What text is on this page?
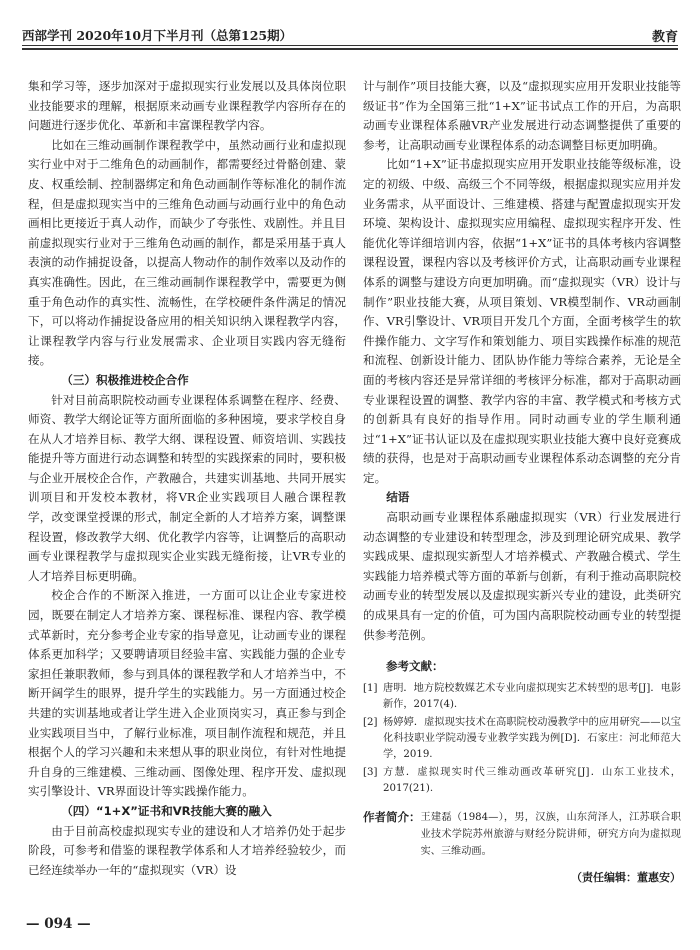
西部学刊 2020年10月下半月刊（总第125期）	教育

集和学习等，逐步加深对于虚拟现实行业发展以及具体岗位职业技能要求的理解，根据原来动画专业课程教学内容所存在的问题进行逐步优化、革新和丰富课程教学内容。

比如在三维动画制作课程教学中，虽然动画行业和虚拟现实行业中对于二维角色的动画制作，都需要经过骨骼创建、蒙皮、权重绘制、控制器绑定和角色动画制作等标准化的制作流程，但是虚拟现实当中的三维角色动画与动画行业中的角色动画相比更接近于真人动作，而缺少了夸张性、戏剧性。并且目前虚拟现实行业对于三维角色动画的制作，都是采用基于真人表演的动作捕捉设备，以提高人物动作的制作效率以及动作的真实准确性。因此，在三维动画制作课程教学中，需要更为侧重于角色动作的真实性、流畅性，在学校硬件条件满足的情况下，可以将动作捕捉设备应用的相关知识纳入课程教学内容，让课程教学内容与行业发展需求、企业项目实践内容无缝衔接。

（三）积极推进校企合作

针对目前高职院校动画专业课程体系调整在程序、经费、师资、教学大纲论证等方面所面临的多种困境，要求学校自身在从人才培养目标、教学大纲、课程设置、师资培训、实践技能提升等方面进行动态调整和转型的实践探索的同时，要积极与企业开展校企合作，产教融合，共建实训基地、共同开展实训项目和开发校本教材，将VR企业实践项目人融合课程教学，改变课堂授课的形式，制定全新的人才培养方案，调整课程设置，修改教学大纲、优化教学内容等，让调整后的高职动画专业课程教学与虚拟现实企业实践无缝衔接，让VR专业的人才培养目标更明确。

校企合作的不断深入推进，一方面可以让企业专家进校园，既要在制定人才培养方案、课程标准、课程内容、教学模式革新时，充分参考企业专家的指导意见，让动画专业的课程体系更加科学；又要聘请项目经验丰富、实践能力强的企业专家担任兼职教师，参与到具体的课程教学和人才培养当中，不断开阔学生的眼界，提升学生的实践能力。另一方面通过校企共建的实训基地或者让学生进入企业顶岗实习，真正参与到企业实践项目当中，了解行业标准，项目制作流程和规范，并且根据个人的学习兴趣和未来想从事的职业岗位，有针对性地提升自身的三维建模、三维动画、图像处理、程序开发、虚拟现实引擎设计、VR界面设计等实践操作能力。

（四）“1+X”证书和VR技能大赛的融入

由于目前高校虚拟现实专业的建设和人才培养仍处于起步阶段，可参考和借鉴的课程教学体系和人才培养经验较少，而已经连续举办一年的“虚拟现实（VR）设

计与制作”项目技能大赛，以及“虚拟现实应用开发职业技能等级证书”作为全国第三批“1+X”证书试点工作的开启，为高职动画专业课程体系融VR产业发展进行动态调整提供了重要的参考，让高职动画专业课程体系的动态调整目标更加明确。

比如“1+X”证书虚拟现实应用开发职业技能等级标准，设定的初级、中级、高级三个不同等级，根据虚拟现实应用并发业务需求，从平面设计、三维建模、搭建与配置虚拟现实开发环境、架构设计、虚拟现实应用编程、虚拟现实程序开发、性能优化等详细培训内容，依据“1+X”证书的具体考核内容调整课程设置，课程内容以及考核评价方式，让高职动画专业课程体系的调整与建设方向更加明确。而“虚拟现实（VR）设计与制作”职业技能大赛，从项目策划、VR模型制作、VR动画制作、VR引擎设计、VR项目开发几个方面，全面考核学生的软件操作能力、文字写作和策划能力、项目实践操作标准的规范和流程、创新设计能力、团队协作能力等综合素养，无论是全面的考核内容还是异常详细的考核评分标准，都对于高职动画专业课程设置的调整、教学内容的丰富、教学模式和考核方式的创新具有良好的指导作用。同时动画专业的学生顺利通过“1+X”证书认证以及在虚拟现实职业技能大赛中良好竞赛成绩的获得，也是对于高职动画专业课程体系动态调整的充分肯定。

结语

高职动画专业课程体系融虚拟现实（VR）行业发展进行动态调整的专业建设和转型理念，涉及到理论研究成果、教学实践成果、虚拟现实新型人才培养模式、产教融合模式、学生实践能力培养模式等方面的革新与创新，有利于推动高职院校动画专业的转型发展以及虚拟现实新兴专业的建设，此类研究的成果具有一定的价值，可为国内高职院校动画专业的转型提供参考范例。

参考文献：

[1] 唐明．地方院校数媒艺术专业向虚拟现实艺术转型的思考[J]．电影新作，2017(4).
[2] 杨婷婷．虚拟现实技术在高职院校动漫教学中的应用研究——以宝化科技职业学院动漫专业教学实践为例[D]．石家庄：河北师范大学，2019.
[3] 方慧．虚拟现实时代三维动画改革研究[J]．山东工业技术，2017(21).
作者简介： 王建磊（1984—），男，汉族，山东菏泽人，江苏联合职业技术学院苏州旅游与财经分院讲师，研究方向为虚拟现实、三维动画。
（责任编辑：董惠安）
— 094 —
